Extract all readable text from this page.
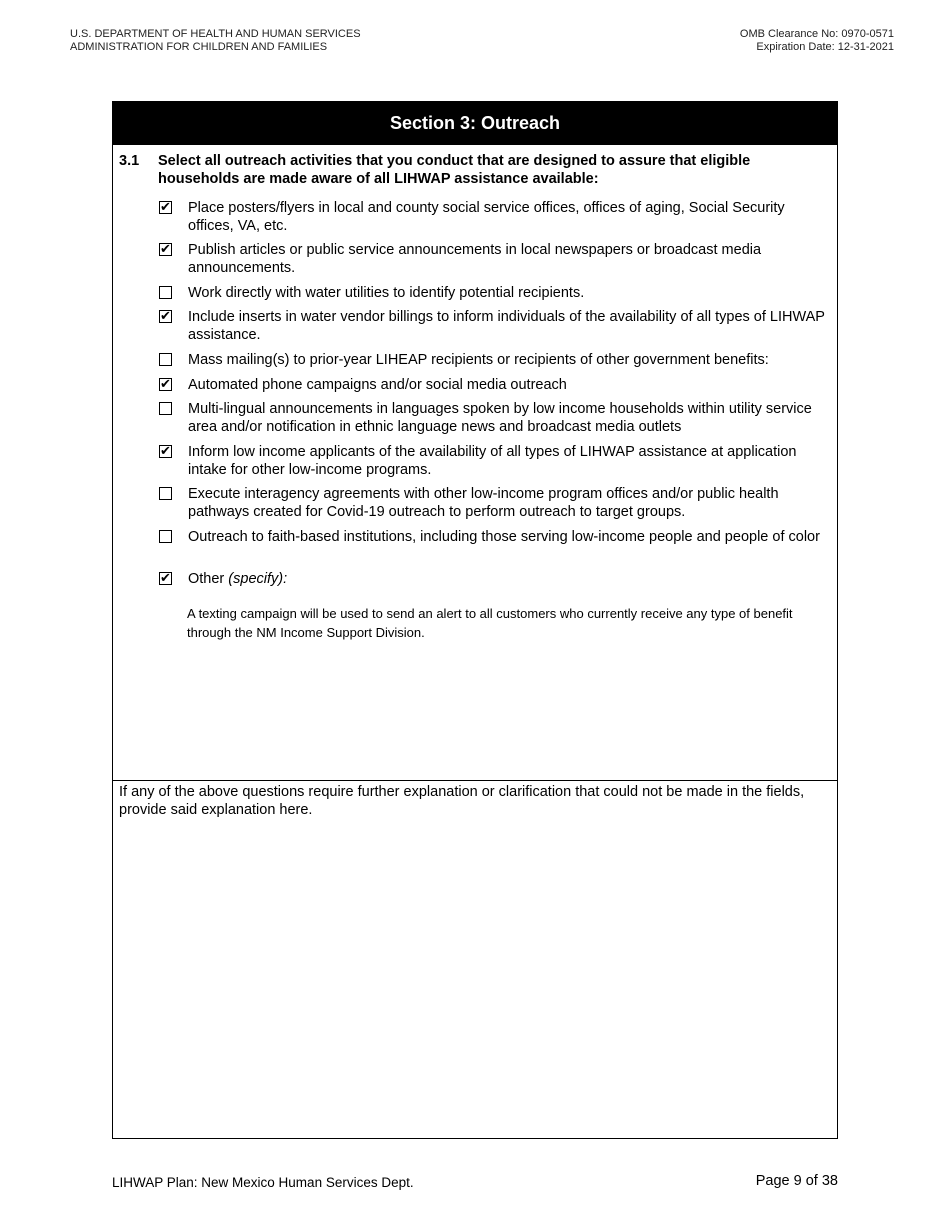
U.S. DEPARTMENT OF HEALTH AND HUMAN SERVICES
ADMINISTRATION FOR CHILDREN AND FAMILIES
OMB Clearance No: 0970-0571
Expiration Date: 12-31-2021
Section 3: Outreach
3.1 Select all outreach activities that you conduct that are designed to assure that eligible households are made aware of all LIHWAP assistance available:
✔ Place posters/flyers in local and county social service offices, offices of aging, Social Security offices, VA, etc.
✔ Publish articles or public service announcements in local newspapers or broadcast media announcements.
Work directly with water utilities to identify potential recipients.
✔ Include inserts in water vendor billings to inform individuals of the availability of all types of LIHWAP assistance.
Mass mailing(s) to prior-year LIHEAP recipients or recipients of other government benefits:
✔ Automated phone campaigns and/or social media outreach
Multi-lingual announcements in languages spoken by low income households within utility service area and/or notification in ethnic language news and broadcast media outlets
✔ Inform low income applicants of the availability of all types of LIHWAP assistance at application intake for other low-income programs.
Execute interagency agreements with other low-income program offices and/or public health pathways created for Covid-19 outreach to perform outreach to target groups.
Outreach to faith-based institutions, including those serving low-income people and people of color
✔ Other (specify):
A texting campaign will be used to send an alert to all customers who currently receive any type of benefit through the NM Income Support Division.
If any of the above questions require further explanation or clarification that could not be made in the fields, provide said explanation here.
LIHWAP Plan: New Mexico Human Services Dept.	Page 9 of 38
